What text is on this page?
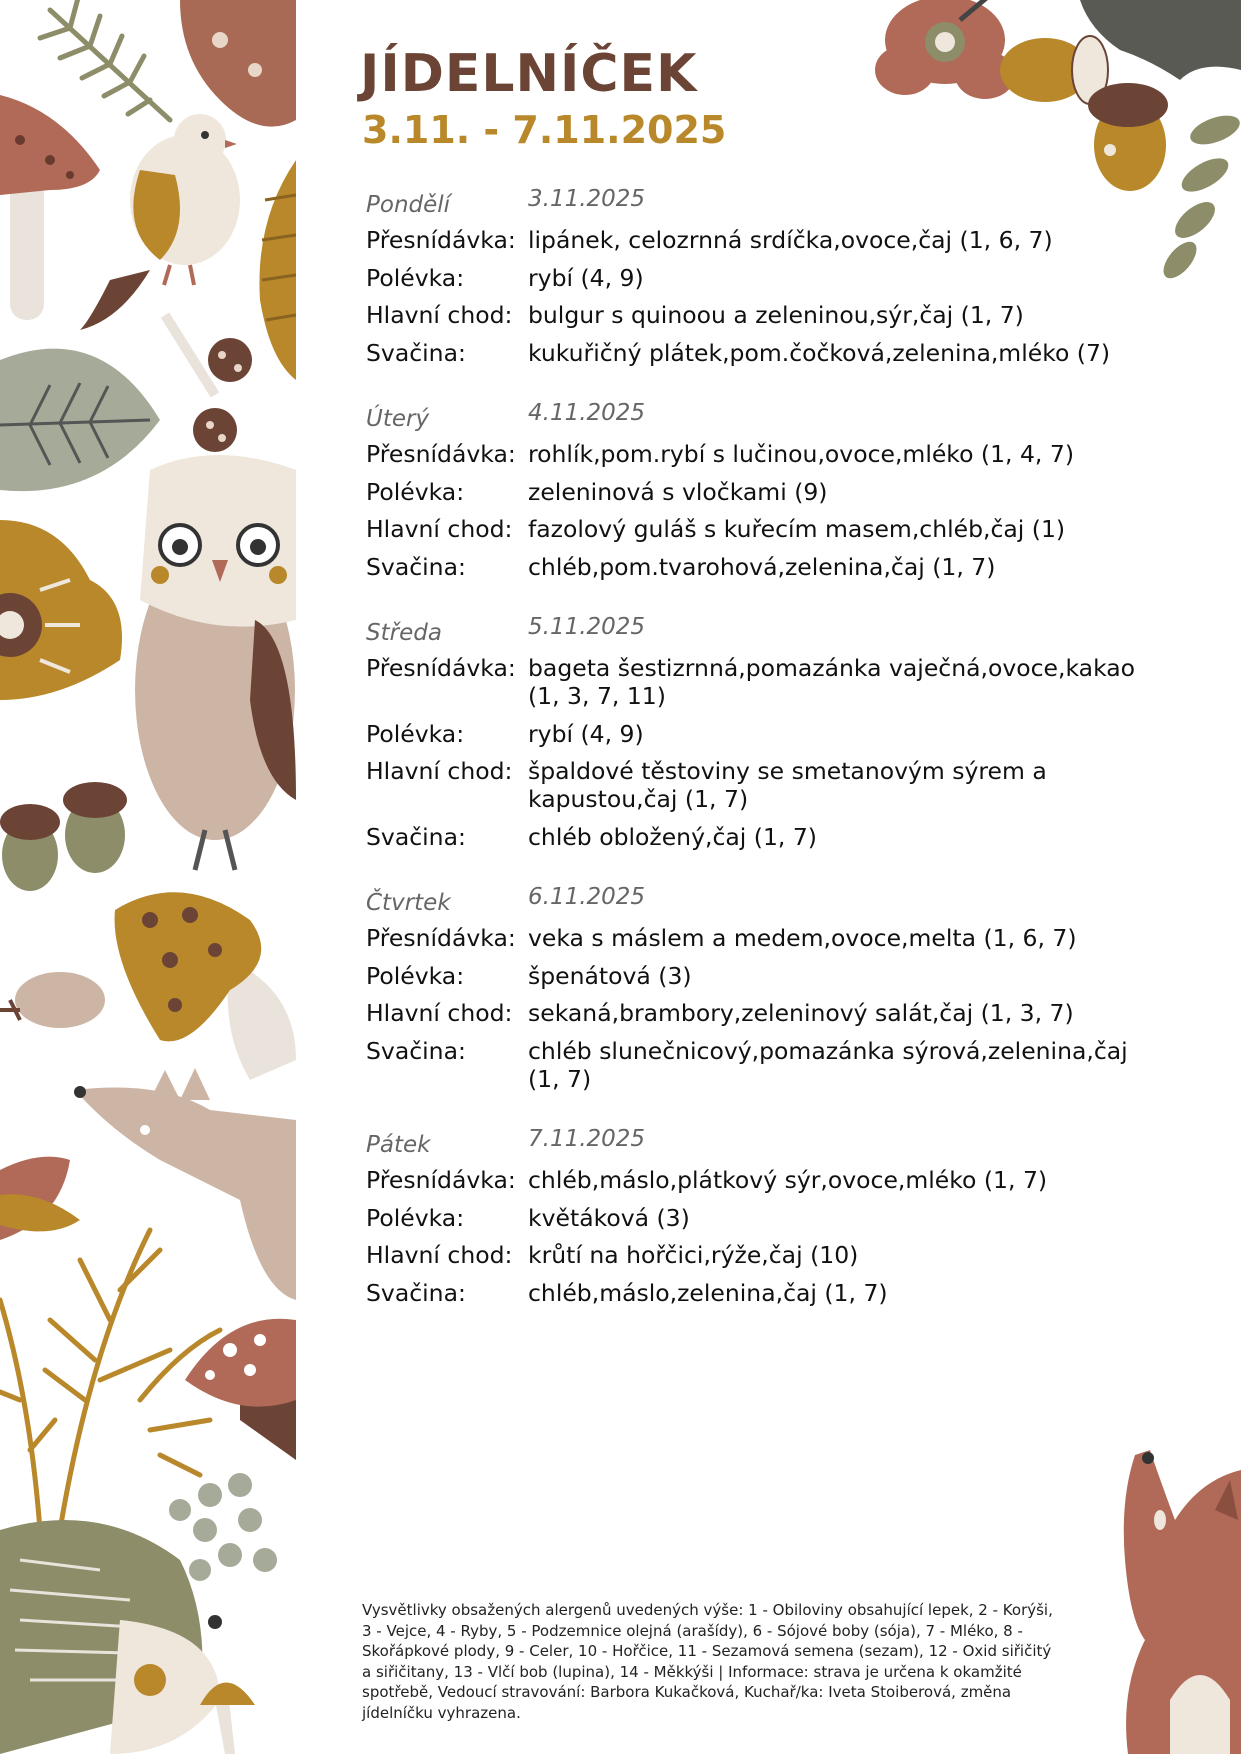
JÍDELNÍČEK
3.11. - 7.11.2025
Pondělí	3.11.2025
Přesnídávka: lipánek, celozrnná srdíčka,ovoce,čaj (1, 6, 7)
Polévka:	rybí (4, 9)
Hlavní chod: bulgur s quinoou a zeleninou,sýr,čaj (1, 7)
Svačina:	kukuřičný plátek,pom.čočková,zelenina,mléko (7)
Úterý	4.11.2025
Přesnídávka: rohlík,pom.rybí s lučinou,ovoce,mléko (1, 4, 7)
Polévka:	zeleninová s vločkami (9)
Hlavní chod: fazolový guláš s kuřecím masem,chléb,čaj (1)
Svačina:	chléb,pom.tvarohová,zelenina,čaj (1, 7)
Středa	5.11.2025
Přesnídávka: bageta šestizrnná,pomazánka vaječná,ovoce,kakao (1, 3, 7, 11)
Polévka:	rybí (4, 9)
Hlavní chod: špaldové těstoviny se smetanovým sýrem a kapustou,čaj (1, 7)
Svačina:	chléb obložený,čaj (1, 7)
Čtvrtek	6.11.2025
Přesnídávka: veka s máslem a medem,ovoce,melta (1, 6, 7)
Polévka:	špenátová (3)
Hlavní chod: sekaná,brambory,zeleninový salát,čaj (1, 3, 7)
Svačina:	chléb slunečnicový,pomazánka sýrová,zelenina,čaj (1, 7)
Pátek	7.11.2025
Přesnídávka: chléb,máslo,plátkový sýr,ovoce,mléko (1, 7)
Polévka:	květáková (3)
Hlavní chod: krůtí na hořčici,rýže,čaj (10)
Svačina:	chléb,máslo,zelenina,čaj (1, 7)
Vysvětlivky obsažených alergenů uvedených výše: 1 - Obiloviny obsahující lepek, 2 - Korýši, 3 - Vejce, 4 - Ryby, 5 - Podzemnice olejná (arašídy), 6 - Sójové boby (sója), 7 - Mléko, 8 - Skořápkové plody, 9 - Celer, 10 - Hořčice, 11 - Sezamová semena (sezam), 12 - Oxid siřičitý a siřičitany, 13 - Vlčí bob (lupina), 14 - Měkkýši | Informace: strava je určena k okamžité spotřebě, Vedoucí stravování: Barbora Kukačková, Kuchař/ka: Iveta Stoiberová, změna jídelníčku vyhrazena.
